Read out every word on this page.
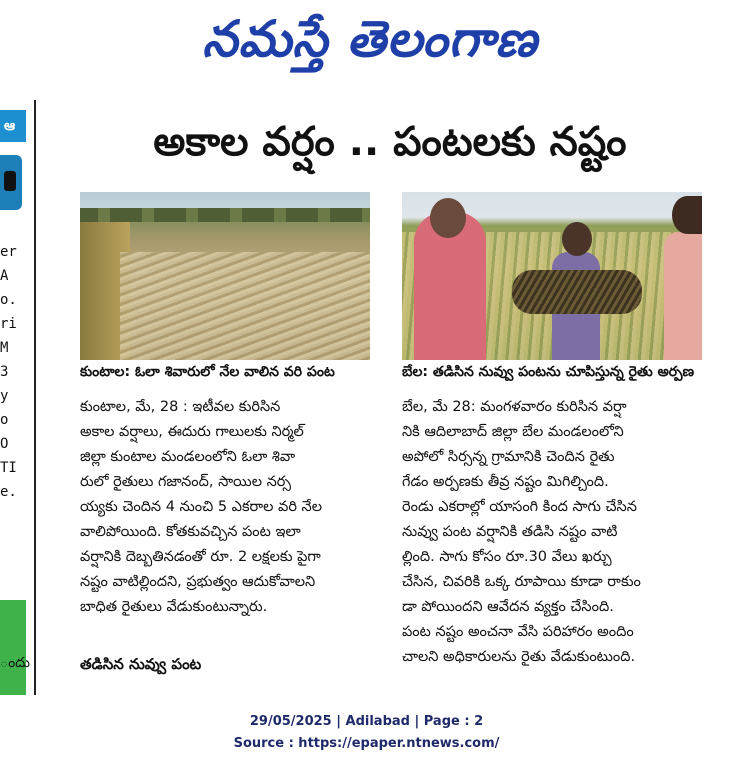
నమస్తే తెలంగాణ
ఆ
er
A
o.
ri
M
3
y
o
O
TI
e.
ందు
అకాల వర్షం .. పంటలకు నష్టం
కుంటాల: ఓలా శివారులో నేల వాలిన వరి పంట	బేల: తడిసిన నువ్వు పంటను చూపిస్తున్న రైతు అర్పణ
కుంటాల, మే, 28 : ఇటీవల కురిసిన
అకాల వర్షాలు, ఈదురు గాలులకు నిర్మల్
జిల్లా కుంటాల మండలంలోని ఓలా శివా
రులో రైతులు గజానంద్, సాయిల నర్స
య్యకు చెందిన 4 నుంచి 5 ఎకరాల వరి నేల
వాలిపోయింది. కోతకువచ్చిన పంట ఇలా
వర్షానికి దెబ్బతినడంతో రూ. 2 లక్షలకు పైగా
నష్టం వాటిల్లిందని, ప్రభుత్వం ఆదుకోవాలని
బాధిత రైతులు వేడుకుంటున్నారు.
తడిసిన నువ్వు పంట
బేల, మే 28: మంగళవారం కురిసిన వర్షా
నికి ఆదిలాబాద్ జిల్లా బేల మండలంలోని
అపోలో సిర్సన్న గ్రామానికి చెందిన రైతు
గేడం అర్పణకు తీవ్ర నష్టం మిగిల్చింది.
రెండు ఎకరాల్లో యాసంగి కింద సాగు చేసిన
నువ్వు పంట వర్షానికి తడిసి నష్టం వాటి
ల్లింది. సాగు కోసం రూ.30 వేలు ఖర్చు
చేసిన, చివరికి ఒక్క రూపాయి కూడా రాకుం
డా పోయిందని ఆవేదన వ్యక్తం చేసింది.
పంట నష్టం అంచనా వేసి పరిహారం అందిం
చాలని అధికారులను రైతు వేడుకుంటుంది.
29/05/2025 | Adilabad | Page : 2
Source : https://epaper.ntnews.com/
